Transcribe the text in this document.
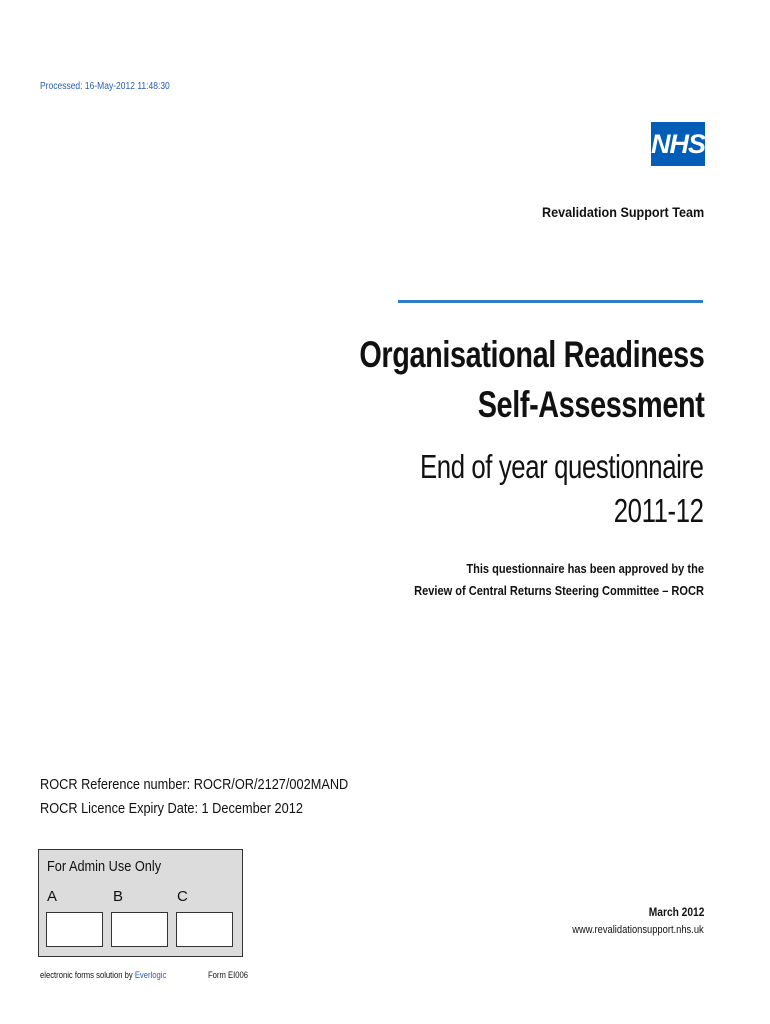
Processed: 16-May-2012 11:48:30
NHS
Revalidation Support Team
Organisational Readiness
Self-Assessment
End of year questionnaire
2011-12
This questionnaire has been approved by the
Review of Central Returns Steering Committee – ROCR
ROCR Reference number: ROCR/OR/2127/002MAND
ROCR Licence Expiry Date: 1 December 2012
For Admin Use Only
A	B	C
March 2012
www.revalidationsupport.nhs.uk
electronic forms solution by Everlogic	Form EI006
